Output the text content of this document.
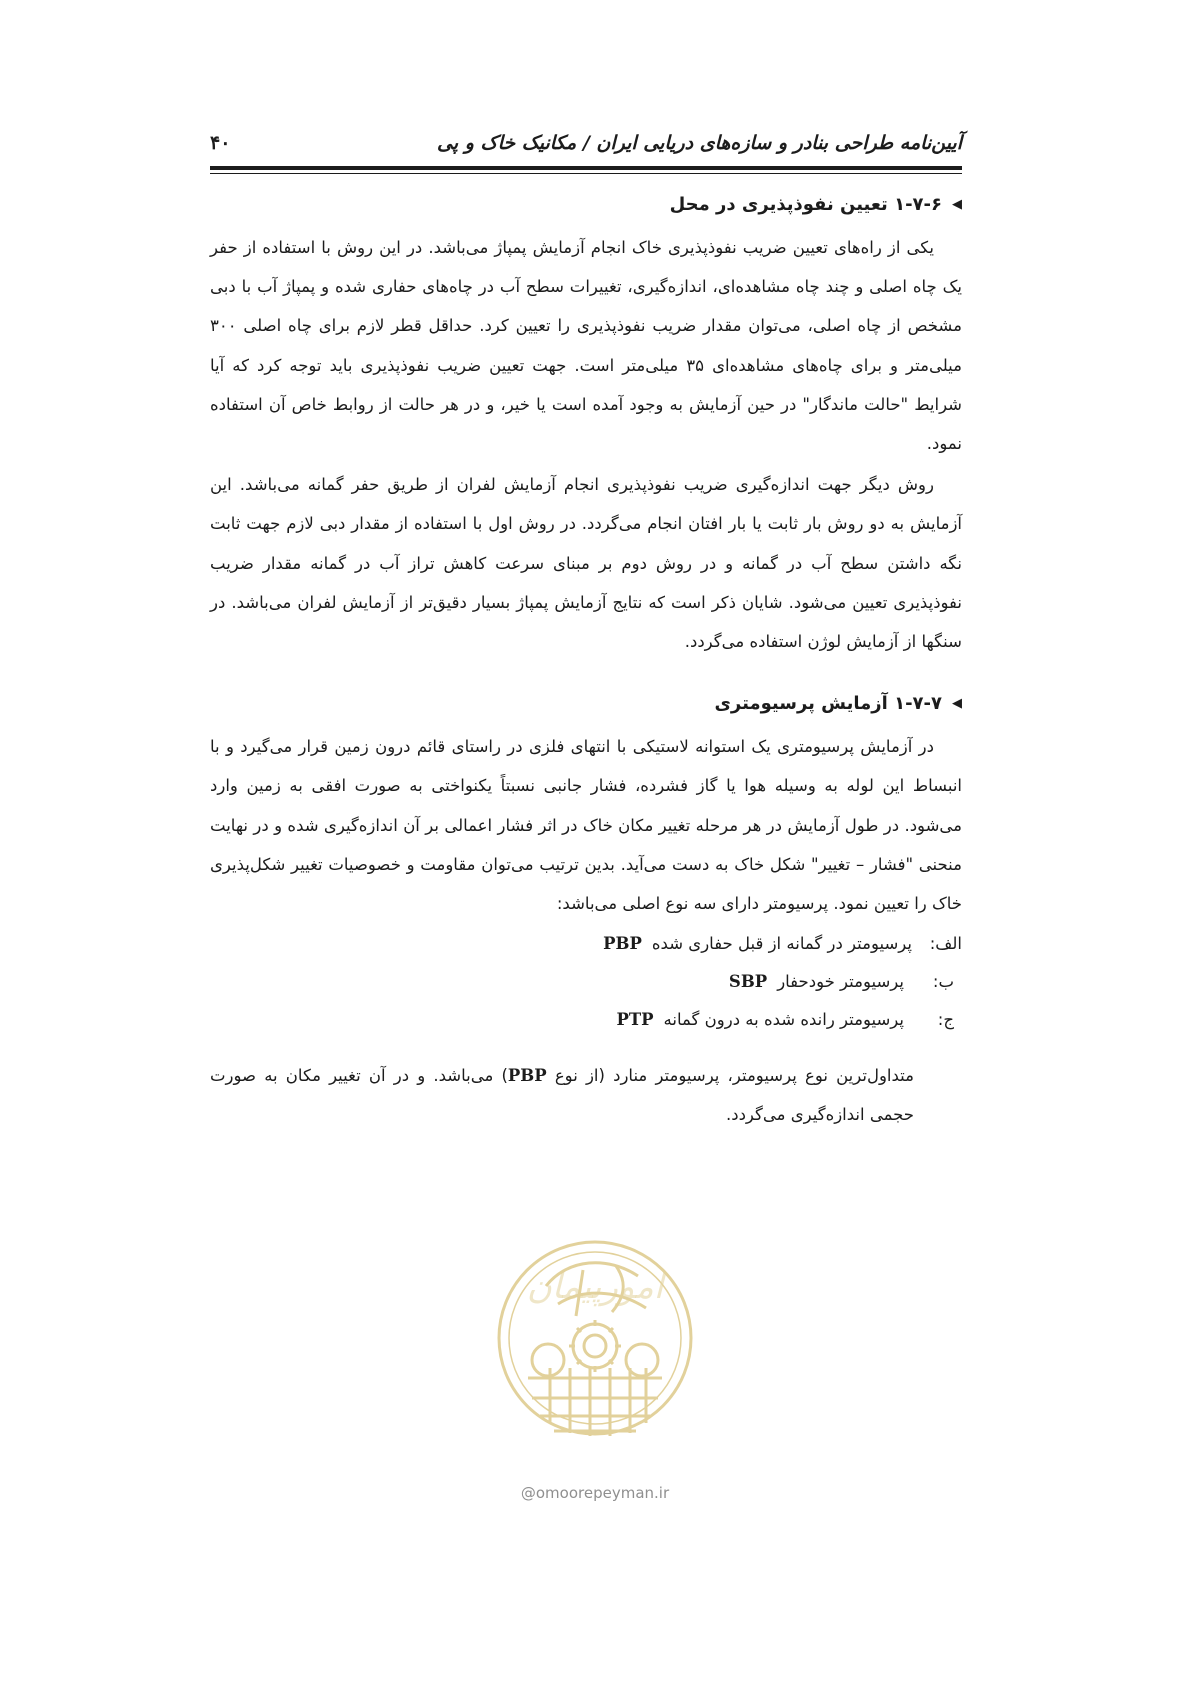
آیین‌نامه طراحی بنادر و سازه‌های دریایی ایران / مکانیک خاک و پی
۴۰
◀
۱-۷-۶ تعیین نفوذپذیری در محل

یکی از راه‌های تعیین ضریب نفوذپذیری خاک انجام آزمایش پمپاژ می‌باشد. در این روش با استفاده از حفر یک چاه اصلی و چند چاه مشاهده‌ای، اندازه‌گیری، تغییرات سطح آب در چاه‌های حفاری شده و پمپاژ آب با دبی مشخص از چاه اصلی، می‌توان مقدار ضریب نفوذپذیری را تعیین کرد. حداقل قطر لازم برای چاه اصلی ۳۰۰ میلی‌متر و برای چاه‌های مشاهده‌ای ۳۵ میلی‌متر است. جهت تعیین ضریب نفوذپذیری باید توجه کرد که آیا شرایط "حالت ماندگار" در حین آزمایش به وجود آمده است یا خیر، و در هر حالت از روابط خاص آن استفاده نمود.

روش دیگر جهت اندازه‌گیری ضریب نفوذپذیری انجام آزمایش لفران از طریق حفر گمانه می‌باشد. این آزمایش به دو روش بار ثابت یا بار افتان انجام می‌گردد. در روش اول با استفاده از مقدار دبی لازم جهت ثابت نگه داشتن سطح آب در گمانه و در روش دوم بر مبنای سرعت کاهش تراز آب در گمانه مقدار ضریب نفوذپذیری تعیین می‌شود. شایان ذکر است که نتایج آزمایش پمپاژ بسیار دقیق‌تر از آزمایش لفران می‌باشد. در سنگها از آزمایش لوژن استفاده می‌گردد.

◀
۱-۷-۷ آزمایش پرسیومتری

در آزمایش پرسیومتری یک استوانه لاستیکی با انتهای فلزی در راستای قائم درون زمین قرار می‌گیرد و با انبساط این لوله به وسیله هوا یا گاز فشرده، فشار جانبی نسبتاً یکنواختی به صورت افقی به زمین وارد می‌شود. در طول آزمایش در هر مرحله تغییر مکان خاک در اثر فشار اعمالی بر آن اندازه‌گیری شده و در نهایت منحنی "فشار – تغییر" شکل خاک به دست می‌آید. بدین ترتیب می‌توان مقاومت و خصوصیات تغییر شکل‌پذیری خاک را تعیین نمود. پرسیومتر دارای سه نوع اصلی می‌باشد:

الف:
پرسیومتر در گمانه از قبل حفاری شده
PBP
ب:
پرسیومتر خودحفار
SBP
ج:
پرسیومتر رانده شده به درون گمانه
PTP

متداول‌ترین نوع پرسیومتر، پرسیومتر منارد (از نوع PBP) می‌باشد. و در آن تغییر مکان به صورت حجمی اندازه‌گیری می‌گردد.

امورپیمان
@omoorepeyman.ir
